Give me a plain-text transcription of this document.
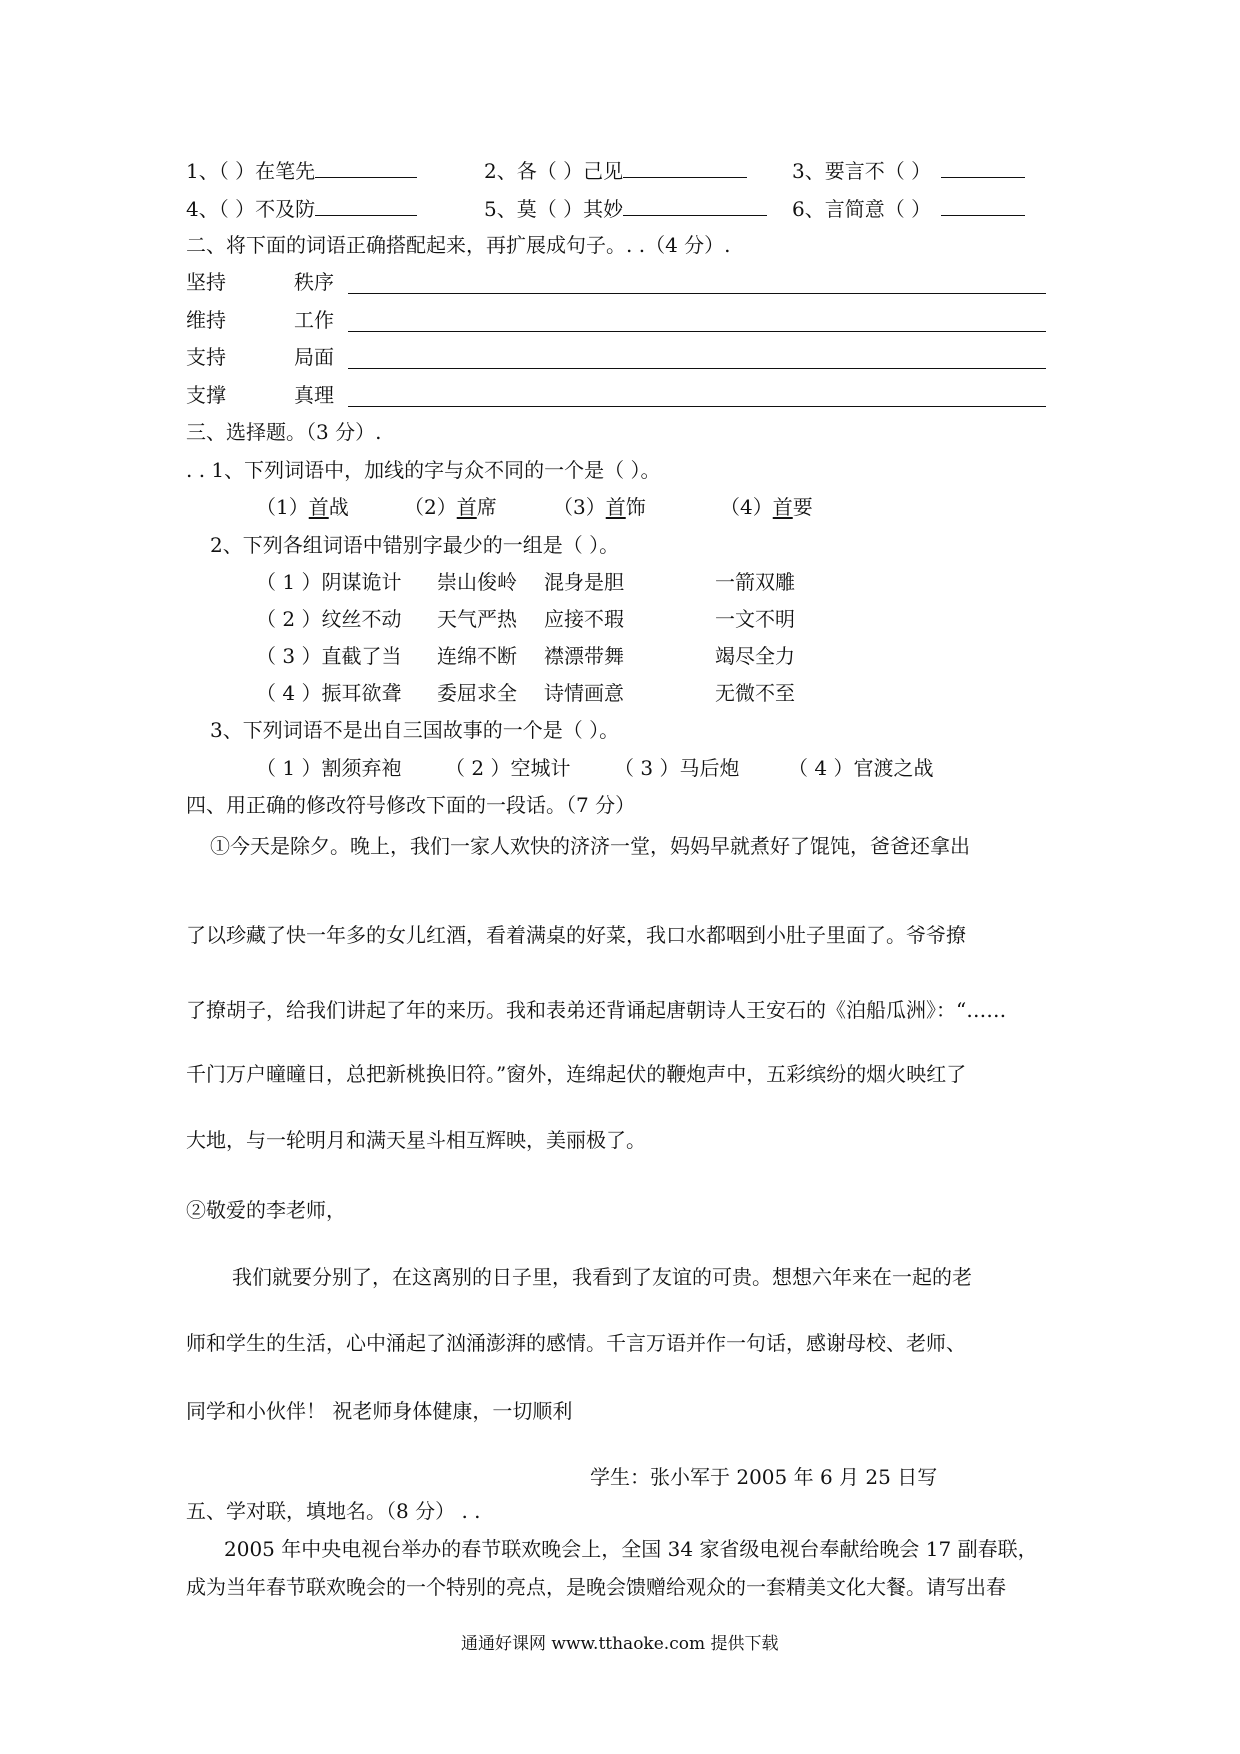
1、（ ）在笔先	2、各（ ）己见	3、要言不（ ）
4、（ ）不及防	5、莫（ ）其妙	6、言简意（ ）
二、将下面的词语正确搭配起来，再扩展成句子。. .（4 分）.
坚持	秩序
维持	工作
支持	局面
支撑	真理
三、选择题。（3 分）.
. . 1、下列词语中，加线的字与众不同的一个是（ ）。
（1）首战	（2）首席	（3）首饰	（4）首要
2、下列各组词语中错别字最少的一组是（ ）。
（ 1 ）阴谋诡计 崇山俊岭 混身是胆	一箭双雕
（ 2 ）纹丝不动 天气严热 应接不瑕	一文不明
（ 3 ）直截了当 连绵不断 襟漂带舞	竭尽全力
（ 4 ）振耳欲聋 委屈求全 诗情画意	无微不至
3、下列词语不是出自三国故事的一个是（ ）。
（ 1 ）割须弃袍 （ 2 ）空城计 （ 3 ）马后炮 （ 4 ）官渡之战
四、用正确的修改符号修改下面的一段话。（7 分）
①今天是除夕。晚上，我们一家人欢快的济济一堂，妈妈早就煮好了馄饨，爸爸还拿出
了以珍藏了快一年多的女儿红酒，看着满桌的好菜，我口水都咽到小肚子里面了。爷爷撩
了撩胡子，给我们讲起了年的来历。我和表弟还背诵起唐朝诗人王安石的《泊船瓜洲》：“……
千门万户曈曈日，总把新桃换旧符。”窗外，连绵起伏的鞭炮声中，五彩缤纷的烟火映红了
大地，与一轮明月和满天星斗相互辉映，美丽极了。
②敬爱的李老师，
我们就要分别了，在这离别的日子里，我看到了友谊的可贵。想想六年来在一起的老
师和学生的生活，心中涌起了汹涌澎湃的感情。千言万语并作一句话，感谢母校、老师、
同学和小伙伴！ 祝老师身体健康，一切顺利
学生：张小军于 2005 年 6 月 25 日写
五、学对联，填地名。（8 分） . .
2005 年中央电视台举办的春节联欢晚会上，全国 34 家省级电视台奉献给晚会 17 副春联，
成为当年春节联欢晚会的一个特别的亮点，是晚会馈赠给观众的一套精美文化大餐。请写出春
通通好课网 www.tthaoke.com 提供下载
